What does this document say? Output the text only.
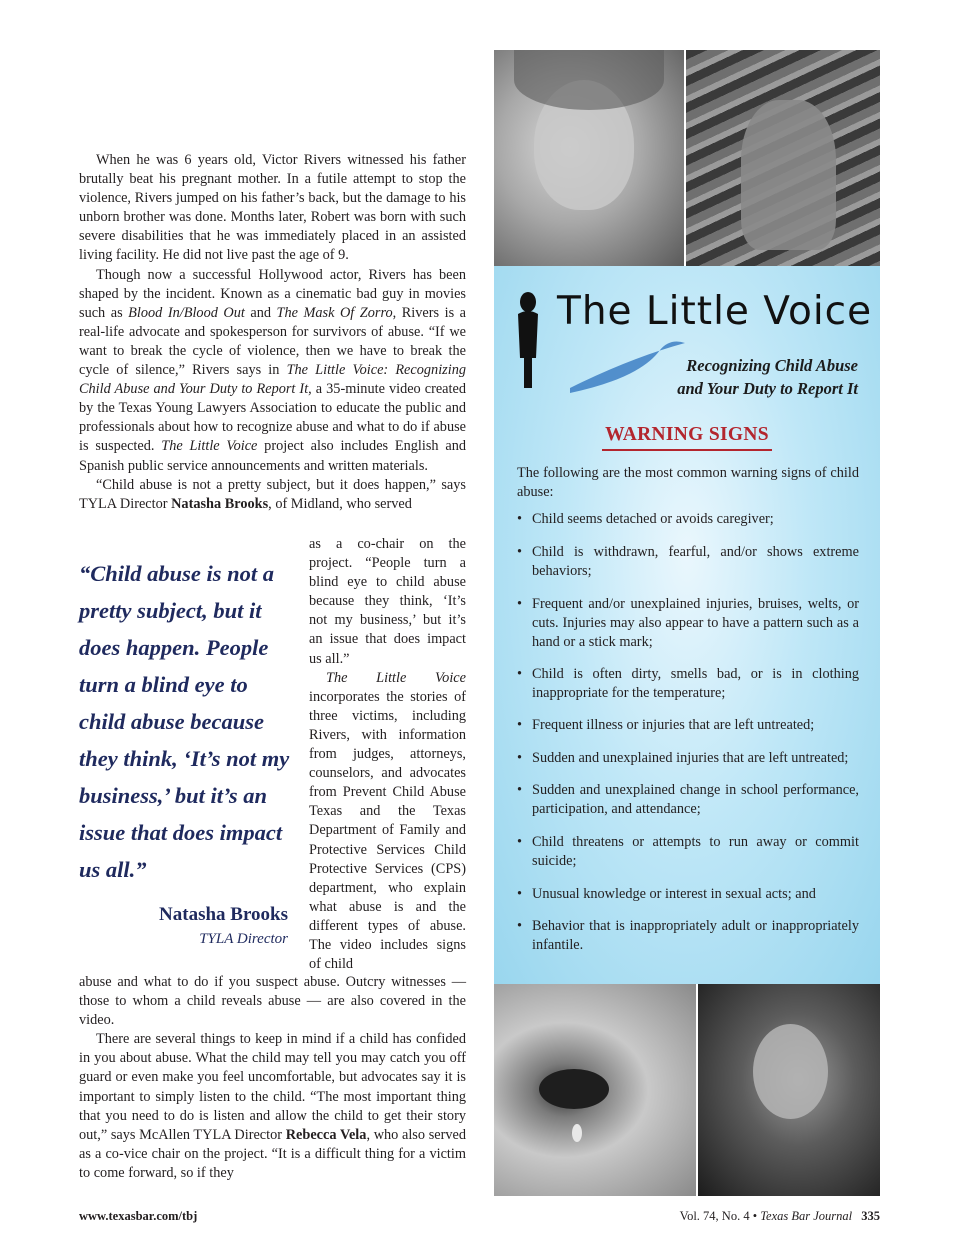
When he was 6 years old, Victor Rivers witnessed his father brutally beat his pregnant mother. In a futile attempt to stop the violence, Rivers jumped on his father’s back, but the damage to his unborn brother was done. Months later, Robert was born with such severe disabilities that he was immediately placed in an assisted living facility. He did not live past the age of 9.

Though now a successful Hollywood actor, Rivers has been shaped by the incident. Known as a cinematic bad guy in movies such as Blood In/Blood Out and The Mask Of Zorro, Rivers is a real-life advocate and spokesperson for survivors of abuse. “If we want to break the cycle of violence, then we have to break the cycle of silence,” Rivers says in The Little Voice: Recognizing Child Abuse and Your Duty to Report It, a 35-minute video created by the Texas Young Lawyers Association to educate the public and professionals about how to recognize abuse and what to do if abuse is suspected. The Little Voice project also includes English and Spanish public service announcements and written materials.

“Child abuse is not a pretty subject, but it does happen,” says TYLA Director Natasha Brooks, of Midland, who served

as a co-chair on the project. “People turn a blind eye to child abuse because they think, ‘It’s not my business,’ but it’s an issue that does impact us all.”

The Little Voice incorporates the stories of three victims, including Rivers, with information from judges, attorneys, counselors, and advocates from Prevent Child Abuse Texas and the Texas Department of Family and Protective Services Child Protective Services (CPS) department, who explain what abuse is and the different types of abuse. The video includes signs of child

“Child abuse is not a pretty subject, but it does happen. People turn a blind eye to child abuse because they think, ‘It’s not my business,’ but it’s an issue that does impact us all.”
Natasha Brooks
TYLA Director

abuse and what to do if you suspect abuse. Outcry witnesses — those to whom a child reveals abuse — are also covered in the video.

There are several things to keep in mind if a child has confided in you about abuse. What the child may tell you may catch you off guard or even make you feel uncomfortable, but advocates say it is important to simply listen to the child. “The most important thing that you need to do is listen and allow the child to get their story out,” says McAllen TYLA Director Rebecca Vela, who also served as a co-vice chair on the project. “It is a difficult thing for a victim to come forward, so if they

The Little Voice
Recognizing Child Abuse
and Your Duty to Report It
WARNING SIGNS

The following are the most common warning signs of child abuse:

• Child seems detached or avoids caregiver;
• Child is withdrawn, fearful, and/or shows extreme behaviors;
• Frequent and/or unexplained injuries, bruises, welts, or cuts. Injuries may also appear to have a pattern such as a hand or a stick mark;
• Child is often dirty, smells bad, or is in clothing inappropriate for the temperature;
• Frequent illness or injuries that are left untreated;
• Sudden and unexplained injuries that are left untreated;
• Sudden and unexplained change in school performance, participation, and attendance;
• Child threatens or attempts to run away or commit suicide;
• Unusual knowledge or interest in sexual acts; and
• Behavior that is inappropriately adult or inappropriately infantile.
www.texasbar.com/tbj	Vol. 74, No. 4 • Texas Bar Journal 335
